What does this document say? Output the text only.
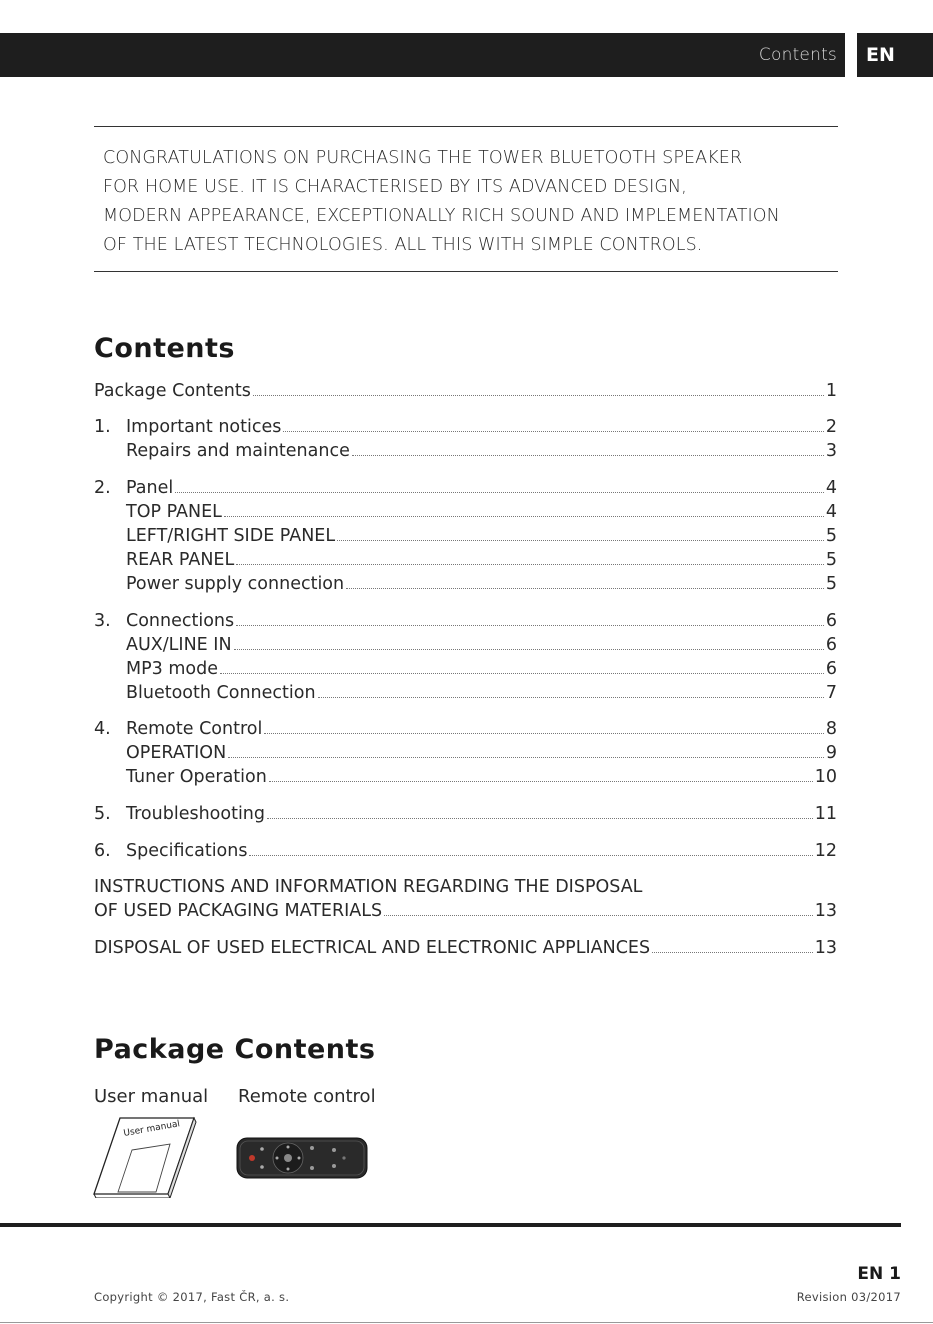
Contents	EN
CONGRATULATIONS ON PURCHASING THE TOWER BLUETOOTH SPEAKER
FOR HOME USE. IT IS CHARACTERISED BY ITS ADVANCED DESIGN,
MODERN APPEARANCE, EXCEPTIONALLY RICH SOUND AND IMPLEMENTATION
OF THE LATEST TECHNOLOGIES. ALL THIS WITH SIMPLE CONTROLS.
Contents
Package Contents	1
1. Important notices	2
Repairs and maintenance	3
2. Panel	4
TOP PANEL	4
LEFT/RIGHT SIDE PANEL	5
REAR PANEL	5
Power supply connection	5
3. Connections	6
AUX/LINE IN	6
MP3 mode	6
Bluetooth Connection	7
4. Remote Control	8
OPERATION	9
Tuner Operation	10
5. Troubleshooting	11
6. Specifications	12
INSTRUCTIONS AND INFORMATION REGARDING THE DISPOSAL
OF USED PACKAGING MATERIALS	13
DISPOSAL OF USED ELECTRICAL AND ELECTRONIC APPLIANCES	13
Package Contents
User manual Remote control
User manual
EN 1
Copyright © 2017, Fast ČR, a. s.	Revision 03/2017
